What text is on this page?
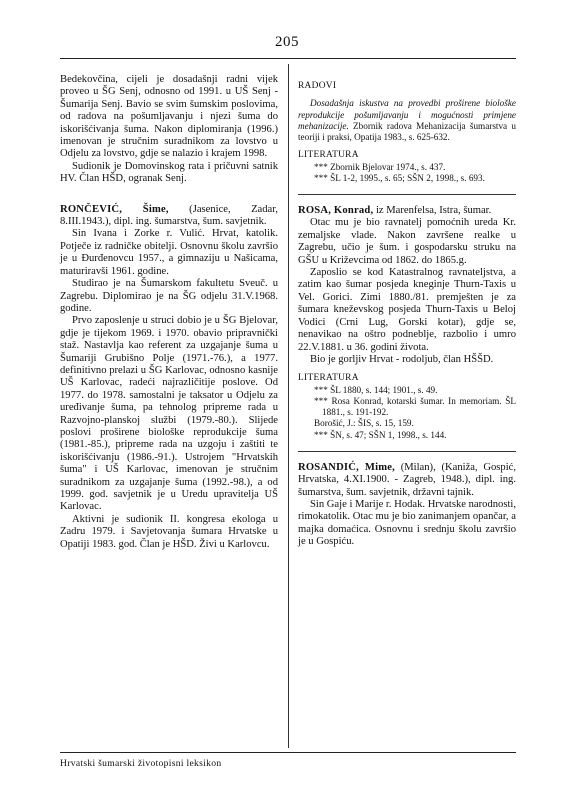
205

Bedekovčina, cijeli je dosadašnji radni vijek proveo u ŠG Senj, odnosno od 1991. u UŠ Senj - Šumarija Senj. Bavio se svim šumskim poslovima, od radova na pošumljavanju i njezi šuma do iskorišćivanja šuma. Nakon diplomiranja (1996.) imenovan je stručnim suradnikom za lovstvo u Odjelu za lovstvo, gdje se nalazio i krajem 1998.

Sudionik je Domovinskog rata i pričuvni satnik HV. Član HŠD, ogranak Senj.

RONČEVIĆ, Šime, (Jasenice, Zadar, 8.III.1943.), dipl. ing. šumarstva, šum. savjetnik.

Sin Ivana i Zorke r. Vulić. Hrvat, katolik. Potječe iz radničke obitelji. Osnovnu školu završio je u Đurđenovcu 1957., a gimnaziju u Našicama, maturiravši 1961. godine.

Studirao je na Šumarskom fakultetu Sveuč. u Zagrebu. Diplomirao je na ŠG odjelu 31.V.1968. godine.

Prvo zaposlenje u struci dobio je u ŠG Bjelovar, gdje je tijekom 1969. i 1970. obavio pripravnički staž. Nastavlja kao referent za uzgajanje šuma u Šumariji Grubišno Polje (1971.-76.), a 1977. definitivno prelazi u ŠG Karlovac, odnosno kasnije UŠ Karlovac, radeći najrazličitije poslove. Od 1977. do 1978. samostalni je taksator u Odjelu za uređivanje šuma, pa tehnolog pripreme rada u Razvojno-planskoj službi (1979.-80.). Slijede poslovi proširene biološke reprodukcije šuma (1981.-85.), pripreme rada na uzgoju i zaštiti te iskorišćivanju (1986.-91.). Ustrojem "Hrvatskih šuma" i UŠ Karlovac, imenovan je stručnim suradnikom za uzgajanje šuma (1992.-98.), a od 1999. god. savjetnik je u Uredu upravitelja UŠ Karlovac.

Aktivni je sudionik II. kongresa ekologa u Zadru 1979. i Savjetovanja šumara Hrvatske u Opatiji 1983. god. Član je HŠD. Živi u Karlovcu.

RADOVI

Dosadašnja iskustva na provedbi proširene biološke reprodukcije pošumljavanju i mogućnosti primjene mehanizacije. Zbornik radova Mehanizacija šumarstva u teoriji i praksi, Opatija 1983., s. 625-632.

LITERATURA

*** Zbornik Bjelovar 1974., s. 437.

*** ŠL 1-2, 1995., s. 65; SŠN 2, 1998., s. 693.

ROSA, Konrad, iz Marenfelsa, Istra, šumar.

Otac mu je bio ravnatelj pomoćnih ureda Kr. zemaljske vlade. Nakon završene realke u Zagrebu, učio je šum. i gospodarsku struku na GŠU u Križevcima od 1862. do 1865.g.

Zaposlio se kod Katastralnog ravnateljstva, a zatim kao šumar posjeda kneginje Thurn-Taxis u Vel. Gorici. Zimi 1880./81. premješten je za šumara kneževskog posjeda Thurn-Taxis u Beloj Vodici (Crni Lug, Gorski kotar), gdje se, nenavikao na oštro podneblje, razbolio i umro 22.V.1881. u 36. godini života.

Bio je gorljiv Hrvat - rodoljub, član HŠŠD.

LITERATURA

*** ŠL 1880, s. 144; 1901., s. 49.

*** Rosa Konrad, kotarski šumar. In memoriam. ŠL 1881., s. 191-192.

Borošić, J.: ŠIS, s. 15, 159.

*** ŠN, s. 47; SŠN 1, 1998., s. 144.

ROSANDIĆ, Mime, (Milan), (Kaniža, Gospić, Hrvatska, 4.XI.1900. - Zagreb, 1948.), dipl. ing. šumarstva, šum. savjetnik, državni tajnik.

Sin Gaje i Marije r. Hodak. Hrvatske narodnosti, rimokatolik. Otac mu je bio zanimanjem opančar, a majka domaćica. Osnovnu i srednju školu završio je u Gospiću.

Hrvatski šumarski životopisni leksikon
